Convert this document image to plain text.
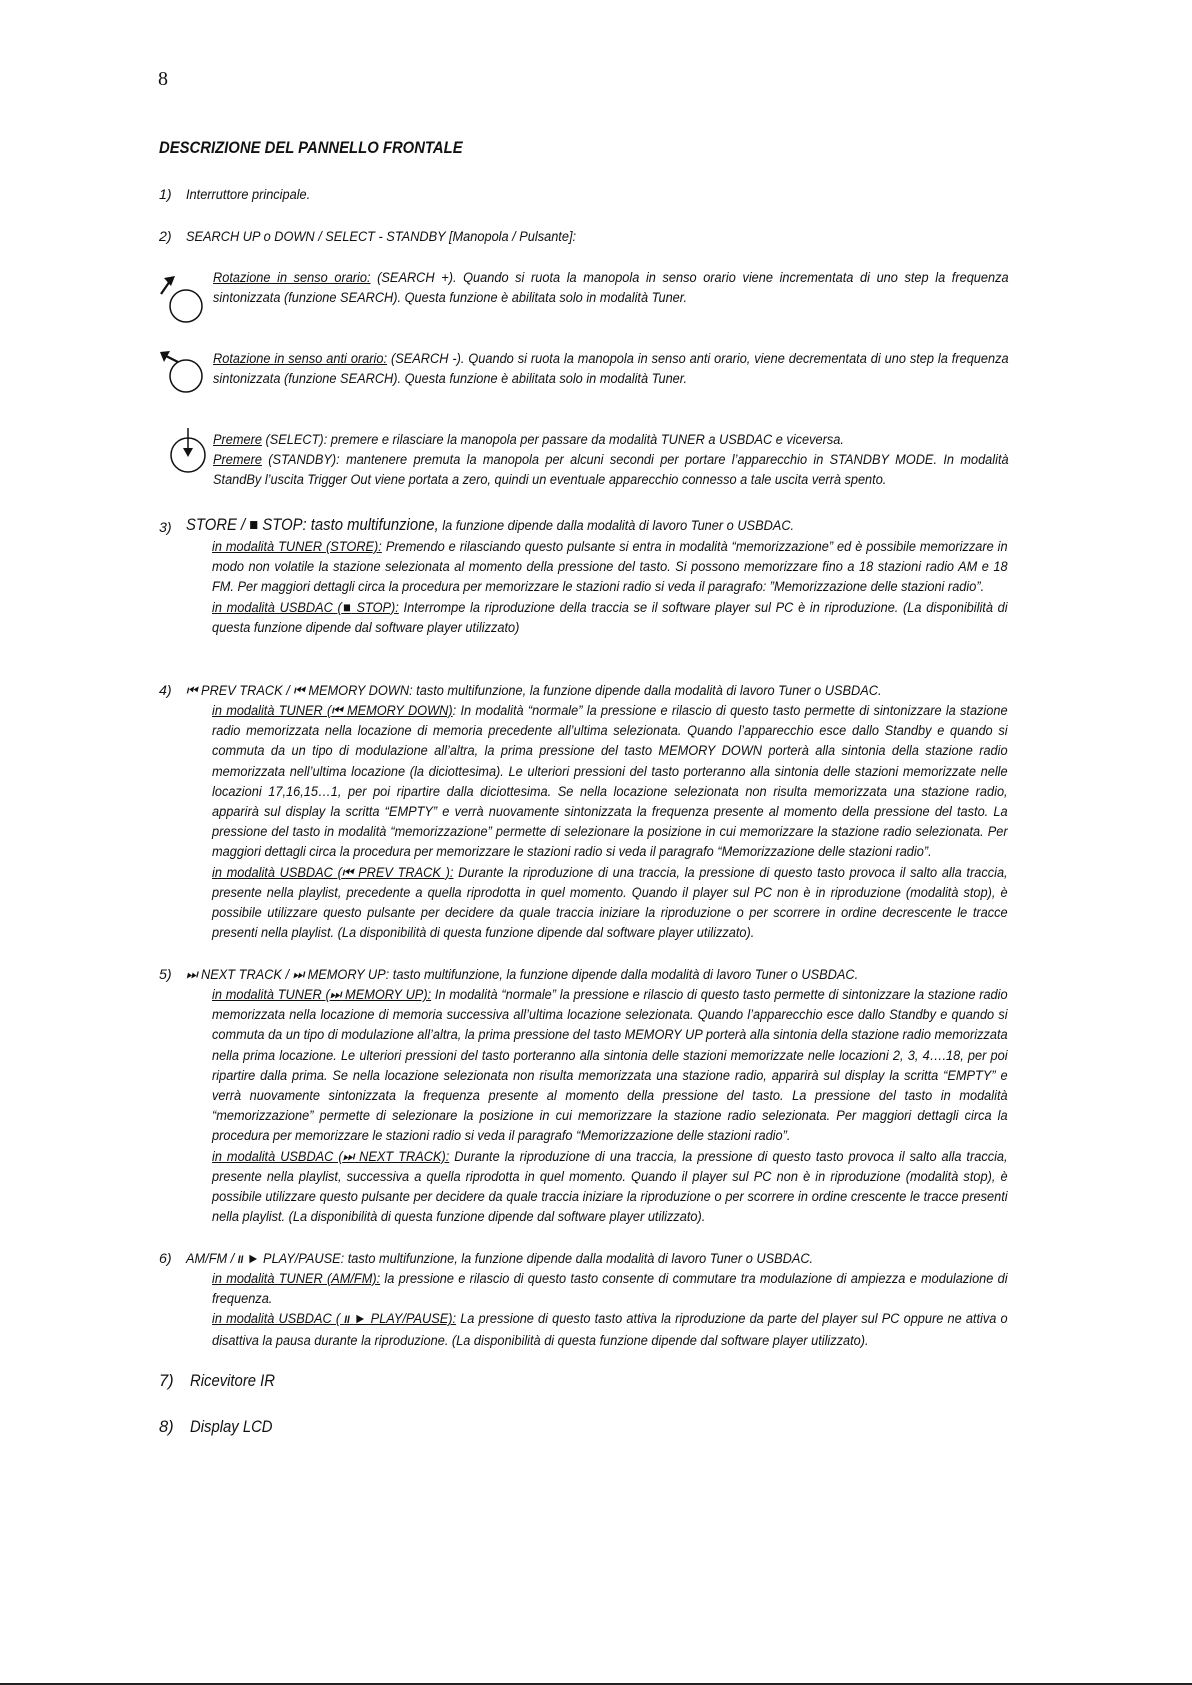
8
DESCRIZIONE DEL PANNELLO FRONTALE
1) Interruttore principale.
2) SEARCH UP o DOWN / SELECT - STANDBY [Manopola / Pulsante]:

Rotazione in senso orario: (SEARCH +). Quando si ruota la manopola in senso orario viene incrementata di uno step la frequenza sintonizzata (funzione SEARCH). Questa funzione è abilitata solo in modalità Tuner.

Rotazione in senso anti orario: (SEARCH -). Quando si ruota la manopola in senso anti orario, viene decrementata di uno step la frequenza sintonizzata (funzione SEARCH). Questa funzione è abilitata solo in modalità Tuner.

Premere (SELECT): premere e rilasciare la manopola per passare da modalità TUNER a USBDAC e viceversa.

Premere (STANDBY): mantenere premuta la manopola per alcuni secondi per portare l’apparecchio in STANDBY MODE. In modalità StandBy l’uscita Trigger Out viene portata a zero, quindi un eventuale apparecchio connesso a tale uscita verrà spento.

3) STORE / ■ STOP: tasto multifunzione, la funzione dipende dalla modalità di lavoro Tuner o USBDAC.

in modalità TUNER (STORE): Premendo e rilasciando questo pulsante si entra in modalità “memorizzazione” ed è possibile memorizzare in modo non volatile la stazione selezionata al momento della pressione del tasto. Si possono memorizzare fino a 18 stazioni radio AM e 18 FM. Per maggiori dettagli circa la procedura per memorizzare le stazioni radio si veda il paragrafo: ”Memorizzazione delle stazioni radio”.

in modalità USBDAC (■ STOP): Interrompe la riproduzione della traccia se il software player sul PC è in riproduzione. (La disponibilità di questa funzione dipende dal software player utilizzato)

4) ⏮ PREV TRACK / ⏮ MEMORY DOWN: tasto multifunzione, la funzione dipende dalla modalità di lavoro Tuner o USBDAC.

in modalità TUNER (⏮ MEMORY DOWN): In modalità “normale” la pressione e rilascio di questo tasto permette di sintonizzare la stazione radio memorizzata nella locazione di memoria precedente all’ultima selezionata. Quando l’apparecchio esce dallo Standby e quando si commuta da un tipo di modulazione all’altra, la prima pressione del tasto MEMORY DOWN porterà alla sintonia della stazione radio memorizzata nell’ultima locazione (la diciottesima). Le ulteriori pressioni del tasto porteranno alla sintonia delle stazioni memorizzate nelle locazioni 17,16,15…1, per poi ripartire dalla diciottesima. Se nella locazione selezionata non risulta memorizzata una stazione radio, apparirà sul display la scritta “EMPTY” e verrà nuovamente sintonizzata la frequenza presente al momento della pressione del tasto. La pressione del tasto in modalità “memorizzazione” permette di selezionare la posizione in cui memorizzare la stazione radio selezionata. Per maggiori dettagli circa la procedura per memorizzare le stazioni radio si veda il paragrafo “Memorizzazione delle stazioni radio”.

in modalità USBDAC (⏮ PREV TRACK ): Durante la riproduzione di una traccia, la pressione di questo tasto provoca il salto alla traccia, presente nella playlist, precedente a quella riprodotta in quel momento. Quando il player sul PC non è in riproduzione (modalità stop), è possibile utilizzare questo pulsante per decidere da quale traccia iniziare la riproduzione o per scorrere in ordine decrescente le tracce presenti nella playlist. (La disponibilità di questa funzione dipende dal software player utilizzato).

5) ⏭ NEXT TRACK / ⏭ MEMORY UP: tasto multifunzione, la funzione dipende dalla modalità di lavoro Tuner o USBDAC.

in modalità TUNER (⏭ MEMORY UP): In modalità “normale” la pressione e rilascio di questo tasto permette di sintonizzare la stazione radio memorizzata nella locazione di memoria successiva all’ultima locazione selezionata. Quando l’apparecchio esce dallo Standby e quando si commuta da un tipo di modulazione all’altra, la prima pressione del tasto MEMORY UP porterà alla sintonia della stazione radio memorizzata nella prima locazione. Le ulteriori pressioni del tasto porteranno alla sintonia delle stazioni memorizzate nelle locazioni 2, 3, 4….18, per poi ripartire dalla prima. Se nella locazione selezionata non risulta memorizzata una stazione radio, apparirà sul display la scritta “EMPTY” e verrà nuovamente sintonizzata la frequenza presente al momento della pressione del tasto. La pressione del tasto in modalità “memorizzazione” permette di selezionare la posizione in cui memorizzare la stazione radio selezionata. Per maggiori dettagli circa la procedura per memorizzare le stazioni radio si veda il paragrafo “Memorizzazione delle stazioni radio”.

in modalità USBDAC (⏭ NEXT TRACK): Durante la riproduzione di una traccia, la pressione di questo tasto provoca il salto alla traccia, presente nella playlist, successiva a quella riprodotta in quel momento. Quando il player sul PC non è in riproduzione (modalità stop), è possibile utilizzare questo pulsante per decidere da quale traccia iniziare la riproduzione o per scorrere in ordine crescente le tracce presenti nella playlist. (La disponibilità di questa funzione dipende dal software player utilizzato).

6) AM/FM / II ► PLAY/PAUSE: tasto multifunzione, la funzione dipende dalla modalità di lavoro Tuner o USBDAC.

in modalità TUNER (AM/FM): la pressione e rilascio di questo tasto consente di commutare tra modulazione di ampiezza e modulazione di frequenza.

in modalità USBDAC ( II ► PLAY/PAUSE): La pressione di questo tasto attiva la riproduzione da parte del player sul PC oppure ne attiva o disattiva la pausa durante la riproduzione. (La disponibilità di questa funzione dipende dal software player utilizzato).

7) Ricevitore IR
8) Display LCD
